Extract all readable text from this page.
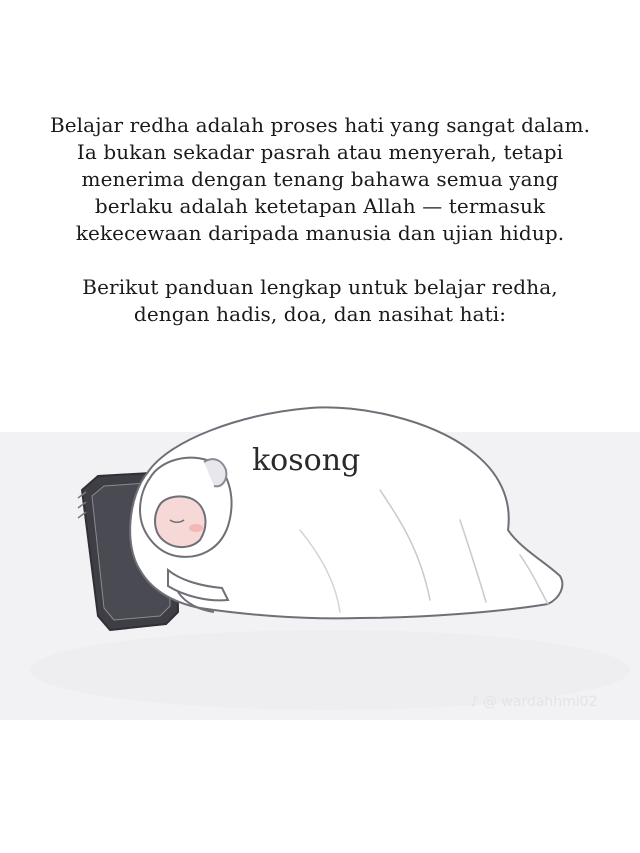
Belajar redha adalah proses hati yang sangat dalam.
Ia bukan sekadar pasrah atau menyerah, tetapi
menerima dengan tenang bahawa semua yang
berlaku adalah ketetapan Allah — termasuk
kekecewaan daripada manusia dan ujian hidup.

Berikut panduan lengkap untuk belajar redha,
dengan hadis, doa, dan nasihat hati:

kosong
♪ @ wardahhmi02
